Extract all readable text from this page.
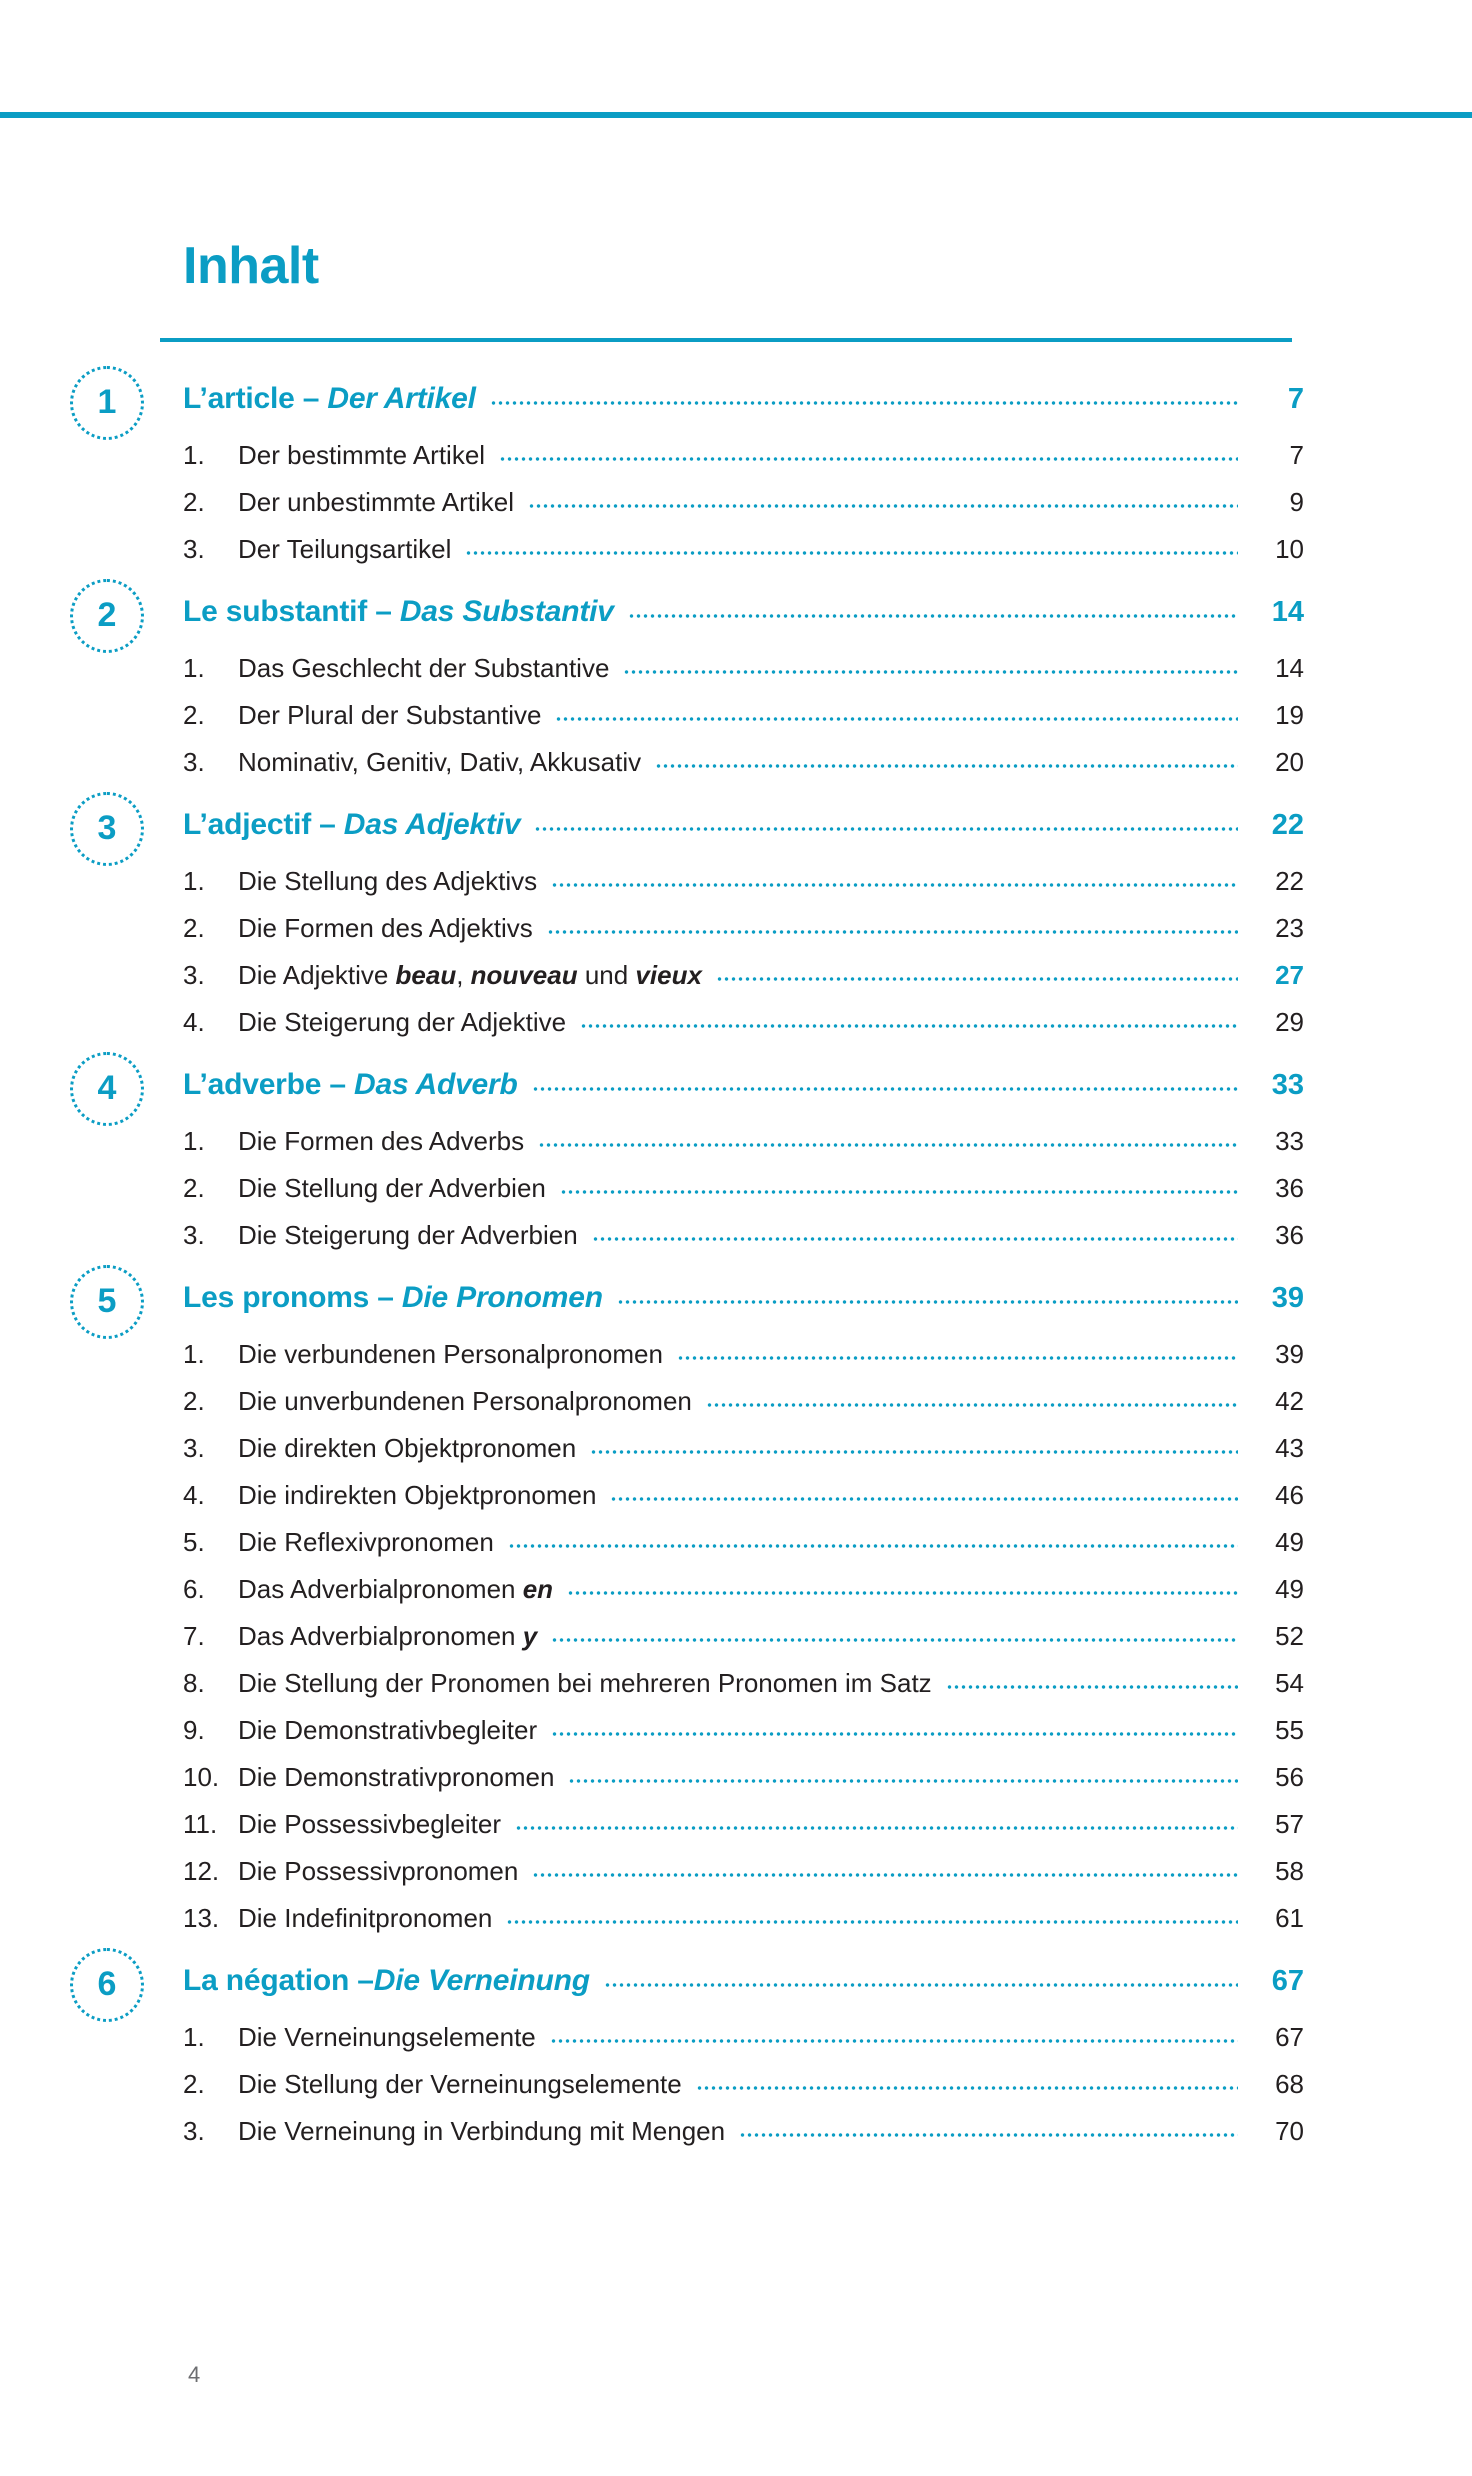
Inhalt
1 L’article – Der Artikel	7
1.	Der bestimmte Artikel	7
2.	Der unbestimmte Artikel	9
3.	Der Teilungsartikel	10
2 Le substantif – Das Substantiv	14
1.	Das Geschlecht der Substantive	14
2.	Der Plural der Substantive	19
3.	Nominativ, Genitiv, Dativ, Akkusativ	20
3 L’adjectif – Das Adjektiv	22
1.	Die Stellung des Adjektivs	22
2.	Die Formen des Adjektivs	23
3.	Die Adjektive beau, nouveau und vieux	27
4.	Die Steigerung der Adjektive	29
4 L’adverbe – Das Adverb	33
1.	Die Formen des Adverbs	33
2.	Die Stellung der Adverbien	36
3.	Die Steigerung der Adverbien	36
5 Les pronoms – Die Pronomen	39
1.	Die verbundenen Personalpronomen	39
2.	Die unverbundenen Personalpronomen	42
3.	Die direkten Objektpronomen	43
4.	Die indirekten Objektpronomen	46
5.	Die Reflexivpronomen	49
6.	Das Adverbialpronomen en	49
7.	Das Adverbialpronomen y	52
8.	Die Stellung der Pronomen bei mehreren Pronomen im Satz	54
9.	Die Demonstrativbegleiter	55
10. Die Demonstrativpronomen	56
11. Die Possessivbegleiter	57
12. Die Possessivpronomen	58
13. Die Indefinitpronomen	61
6 La négation –Die Verneinung	67
1.	Die Verneinungselemente	67
2.	Die Stellung der Verneinungselemente	68
3.	Die Verneinung in Verbindung mit Mengen	70
4
